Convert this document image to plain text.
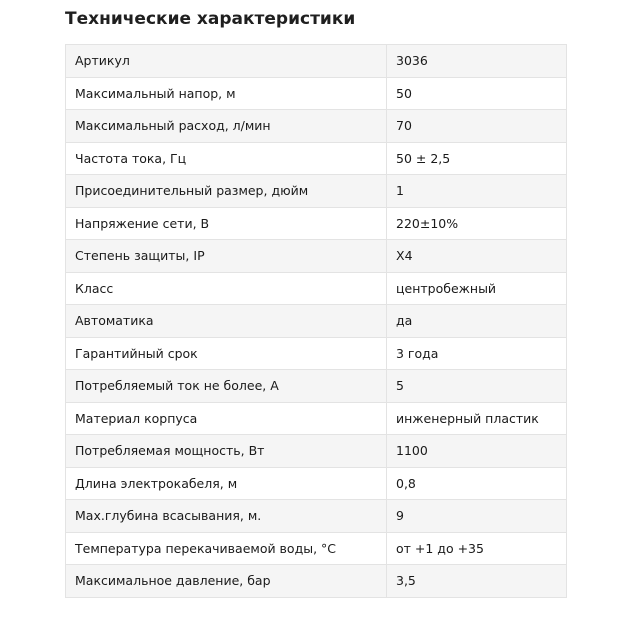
Технические характеристики
Артикул	3036
Максимальный напор, м	50
Максимальный расход, л/мин	70
Частота тока, Гц	50 ± 2,5
Присоединительный размер, дюйм	1
Напряжение сети, В	220±10%
Степень защиты, IP	X4
Класс	центробежный
Автоматика	да
Гарантийный срок	3 года
Потребляемый ток не более, А	5
Материал корпуса	инженерный пластик
Потребляемая мощность, Вт	1100
Длина электрокабеля, м	0,8
Max.глубина всасывания, м.	9
Температура перекачиваемой воды, °С	от +1 до +35
Максимальное давление, бар	3,5
